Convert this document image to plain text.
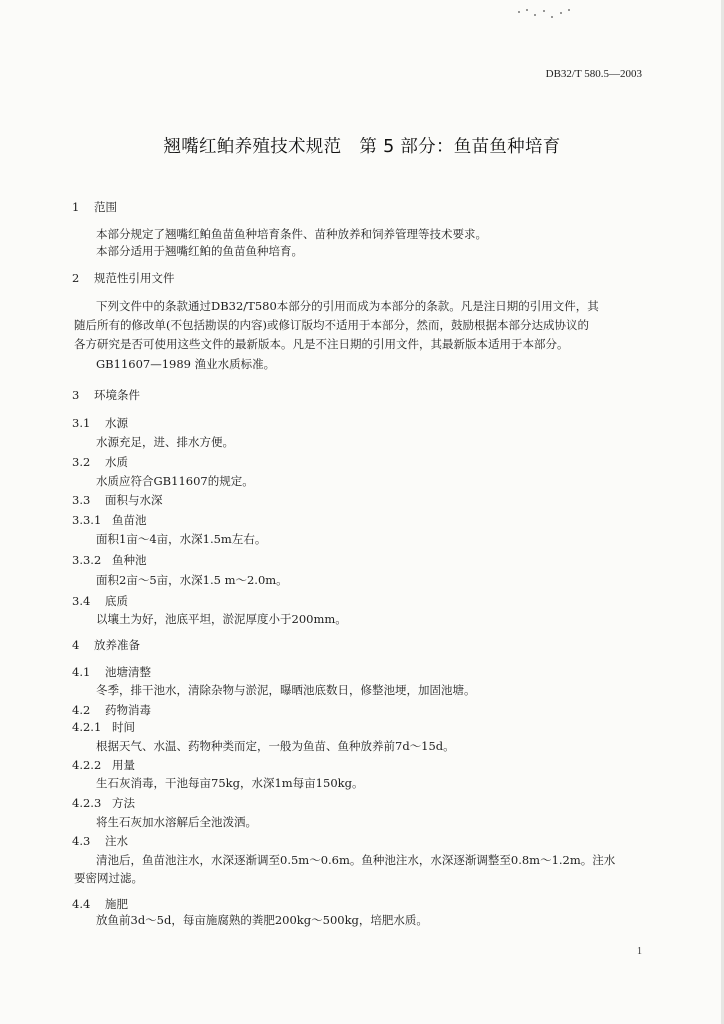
DB32/T 580.5—2003
翘嘴红鲌养殖技术规范 第 5 部分：鱼苗鱼种培育
1 范围
本部分规定了翘嘴红鲌鱼苗鱼种培育条件、苗种放养和饲养管理等技术要求。
本部分适用于翘嘴红鲌的鱼苗鱼种培育。
2 规范性引用文件
下列文件中的条款通过DB32/T580本部分的引用而成为本部分的条款。凡是注日期的引用文件，其
随后所有的修改单(不包括勘误的内容)或修订版均不适用于本部分，然而，鼓励根据本部分达成协议的
各方研究是否可使用这些文件的最新版本。凡是不注日期的引用文件，其最新版本适用于本部分。
GB11607—1989 渔业水质标准。
3 环境条件
3.1 水源
水源充足，进、排水方便。
3.2 水质
水质应符合GB11607的规定。
3.3 面积与水深
3.3.1 鱼苗池
面积1亩～4亩，水深1.5m左右。
3.3.2 鱼种池
面积2亩～5亩，水深1.5 m～2.0m。
3.4 底质
以壤土为好，池底平坦，淤泥厚度小于200mm。
4 放养准备
4.1 池塘清整
冬季，排干池水，清除杂物与淤泥，曝晒池底数日，修整池埂，加固池塘。
4.2 药物消毒
4.2.1 时间
根据天气、水温、药物种类而定，一般为鱼苗、鱼种放养前7d～15d。
4.2.2 用量
生石灰消毒，干池每亩75kg，水深1m每亩150kg。
4.2.3 方法
将生石灰加水溶解后全池泼洒。
4.3 注水
清池后，鱼苗池注水，水深逐渐调至0.5m～0.6m。鱼种池注水，水深逐渐调整至0.8m～1.2m。注水
要密网过滤。
4.4 施肥
放鱼前3d～5d，每亩施腐熟的粪肥200kg～500kg，培肥水质。
1
